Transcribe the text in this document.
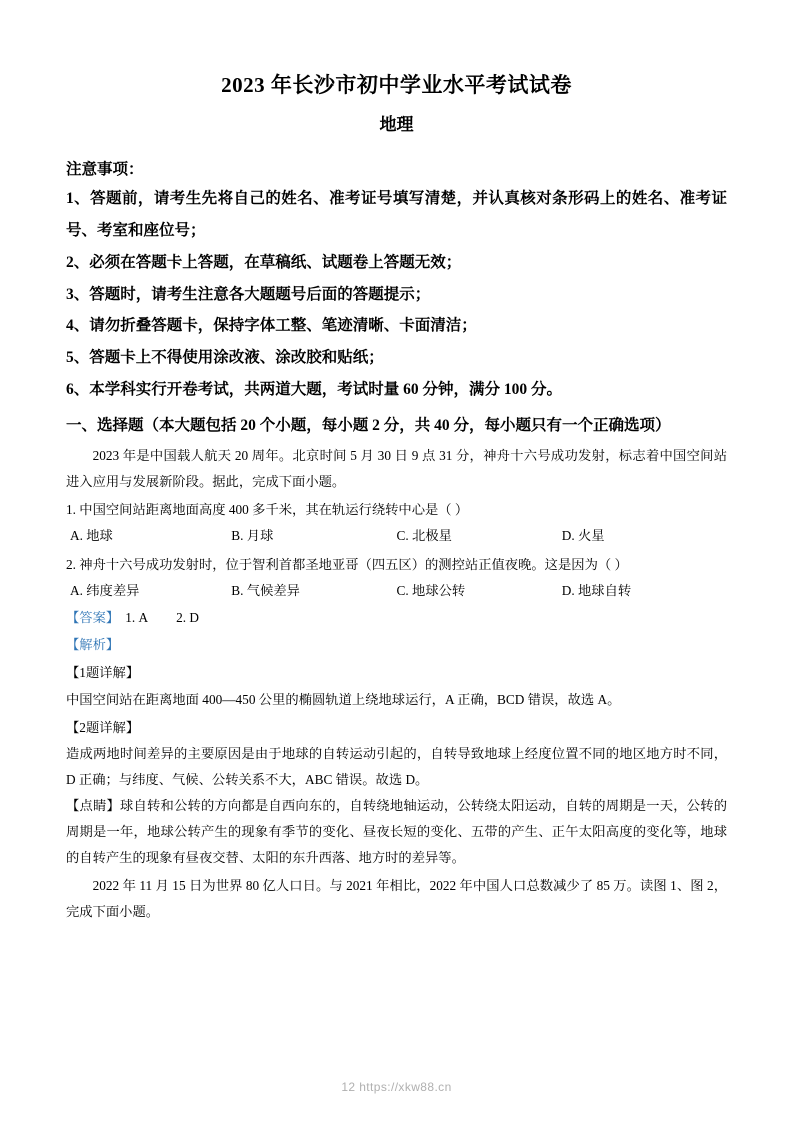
2023 年长沙市初中学业水平考试试卷
地理
注意事项：
1、答题前，请考生先将自己的姓名、准考证号填写清楚，并认真核对条形码上的姓名、准考证号、考室和座位号；
2、必须在答题卡上答题，在草稿纸、试题卷上答题无效；
3、答题时，请考生注意各大题题号后面的答题提示；
4、请勿折叠答题卡，保持字体工整、笔迹清晰、卡面清洁；
5、答题卡上不得使用涂改液、涂改胶和贴纸；
6、本学科实行开卷考试，共两道大题，考试时量 60 分钟，满分 100 分。
一、选择题（本大题包括 20 个小题，每小题 2 分，共 40 分，每小题只有一个正确选项）
2023 年是中国载人航天 20 周年。北京时间 5 月 30 日 9 点 31 分，神舟十六号成功发射，标志着中国空间站进入应用与发展新阶段。据此，完成下面小题。
1. 中国空间站距离地面高度 400 多千米，其在轨运行绕转中心是（ ）
A. 地球	B. 月球	C. 北极星	D. 火星
2. 神舟十六号成功发射时，位于智利首都圣地亚哥（四五区）的测控站正值夜晚。这是因为（ ）
A. 纬度差异	B. 气候差异	C. 地球公转	D. 地球自转
【答案】 1. A 2. D
【解析】
【1题详解】
中国空间站在距离地面 400—450 公里的椭圆轨道上绕地球运行，A 正确，BCD 错误，故选 A。
【2题详解】
造成两地时间差异的主要原因是由于地球的自转运动引起的，自转导致地球上经度位置不同的地区地方时不同，D 正确；与纬度、气候、公转关系不大，ABC 错误。故选 D。
【点睛】球自转和公转的方向都是自西向东的，自转绕地轴运动，公转绕太阳运动，自转的周期是一天，公转的周期是一年，地球公转产生的现象有季节的变化、昼夜长短的变化、五带的产生、正午太阳高度的变化等，地球的自转产生的现象有昼夜交替、太阳的东升西落、地方时的差异等。
2022 年 11 月 15 日为世界 80 亿人口日。与 2021 年相比，2022 年中国人口总数减少了 85 万。读图 1、图 2，完成下面小题。
12 https://xkw88.cn
